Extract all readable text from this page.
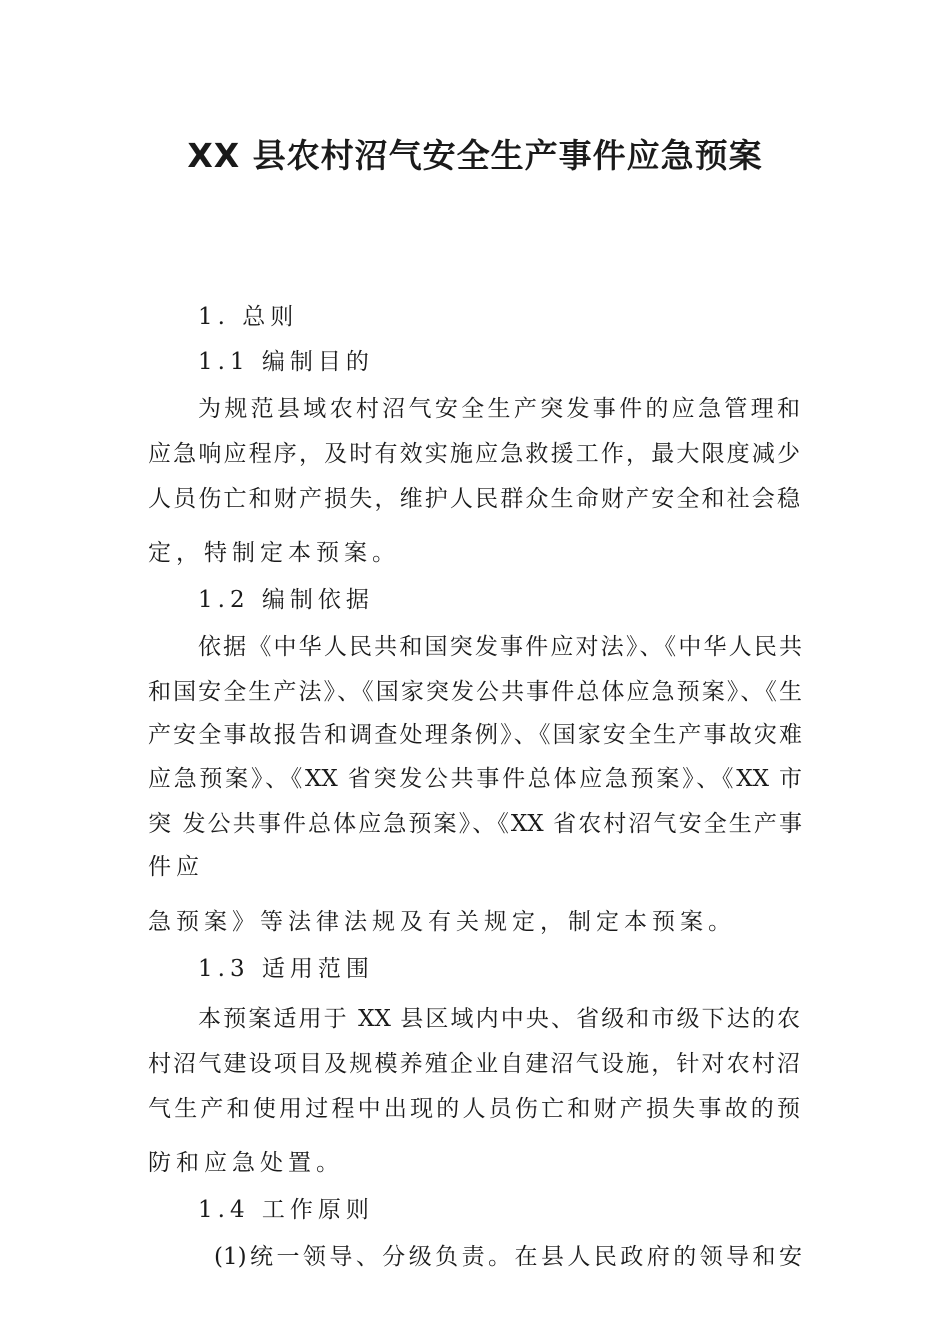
XX 县农村沼气安全生产事件应急预案
1. 总则
1.1 编制目的
为规范县域农村沼气安全生产突发事件的应急管理和
应急响应程序，及时有效实施应急救援工作，最大限度减少
人员伤亡和财产损失，维护人民群众生命财产安全和社会稳
定，特制定本预案。
1.2 编制依据
依据《中华人民共和国突发事件应对法》、《中华人民共
和国安全生产法》、《国家突发公共事件总体应急预案》、《生
产安全事故报告和调查处理条例》、《国家安全生产事故灾难
应急预案》、《XX 省突发公共事件总体应急预案》、《XX 市
突 发公共事件总体应急预案》、《XX 省农村沼气安全生产事
件应
急预案》等法律法规及有关规定，制定本预案。
1.3 适用范围
本预案适用于 XX 县区域内中央、省级和市级下达的农
村沼气建设项目及规模养殖企业自建沼气设施，针对农村沼
气生产和使用过程中出现的人员伤亡和财产损失事故的预
防和应急处置。
1.4 工作原则
(1)统一领导、分级负责。在县人民政府的领导和安
